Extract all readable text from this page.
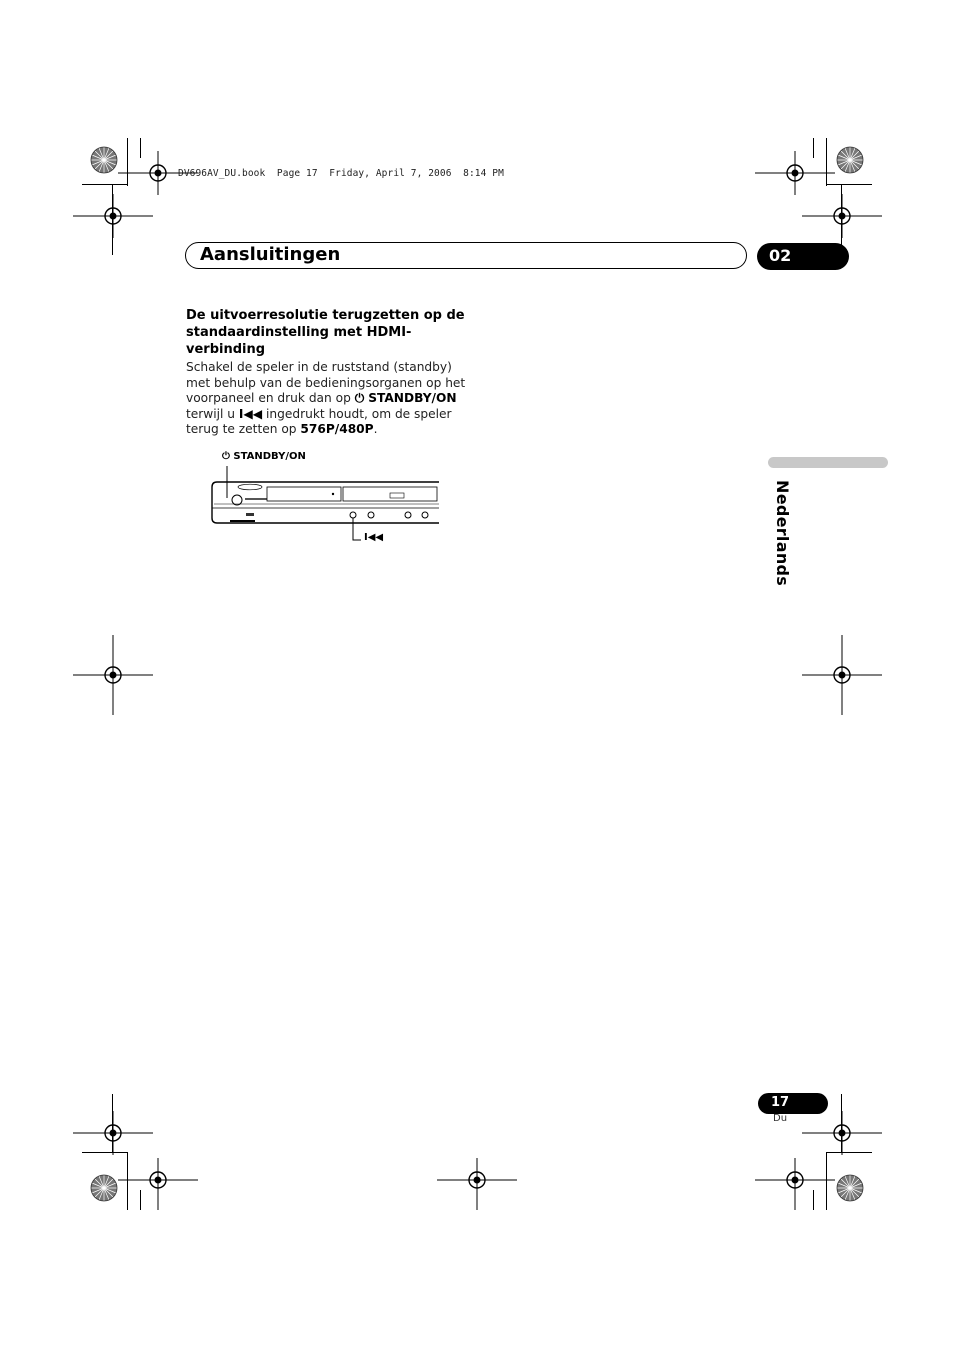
DV696AV_DU.book  Page 17  Friday, April 7, 2006  8:14 PM
Aansluitingen	02
Nederlands
De uitvoerresolutie terugzetten op de standaardinstelling met HDMI-verbinding
Schakel de speler in de ruststand (standby) met behulp van de bedieningsorganen op het voorpaneel en druk dan op ⏻ STANDBY/ON terwijl u I◀◀ ingedrukt houdt, om de speler terug te zetten op 576P/480P.
⏻ STANDBY/ON
I◀◀
17
Du
